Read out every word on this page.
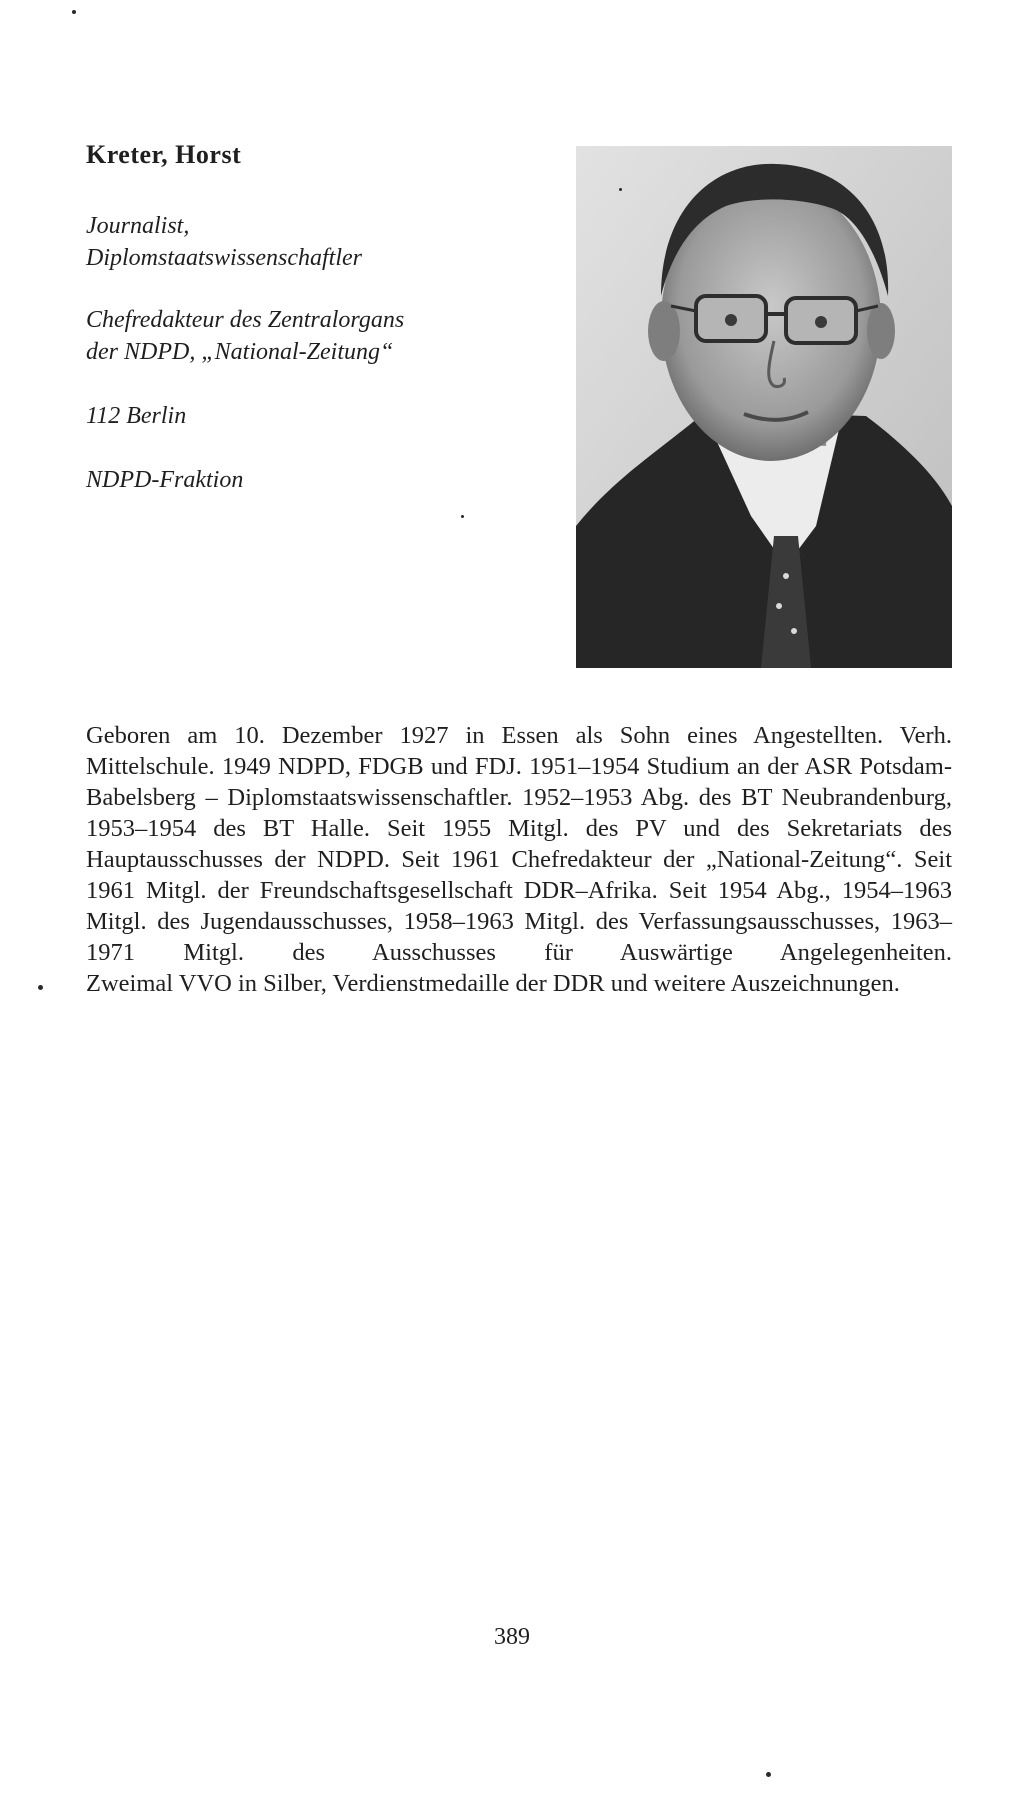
Kreter, Horst
Journalist,
Diplomstaatswissenschaftler
Chefredakteur des Zentralorgans
der NDPD, „National-Zeitung“
112 Berlin
NDPD-Fraktion

Geboren am 10. Dezember 1927 in Essen als Sohn eines Angestellten. Verh. Mittelschule. 1949 NDPD, FDGB und FDJ. 1951–1954 Studium an der ASR Potsdam-Babelsberg – Diplomstaatswissenschaftler. 1952–1953 Abg. des BT Neubrandenburg, 1953–1954 des BT Halle. Seit 1955 Mitgl. des PV und des Sekretariats des Hauptausschusses der NDPD. Seit 1961 Chefredakteur der „National-Zeitung“. Seit 1961 Mitgl. der Freundschaftsgesellschaft DDR–Afrika. Seit 1954 Abg., 1954–1963 Mitgl. des Jugendausschusses, 1958–1963 Mitgl. des Verfassungsausschusses, 1963–1971 Mitgl. des Ausschusses für Auswärtige Angelegenheiten.

Zweimal VVO in Silber, Verdienstmedaille der DDR und weitere Auszeichnungen.

389
